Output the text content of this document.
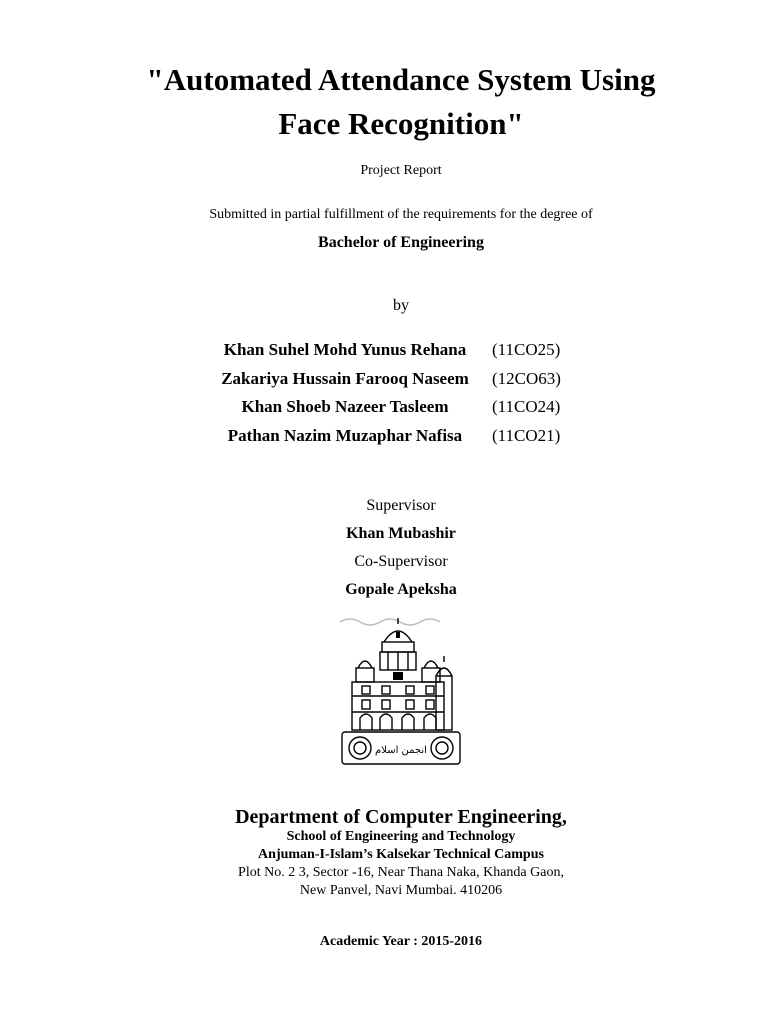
"Automated Attendance System Using
Face Recognition"
Project Report
Submitted in partial fulfillment of the requirements for the degree of
Bachelor of Engineering
by
Khan Suhel Mohd Yunus Rehana	(11CO25)
Zakariya Hussain Farooq Naseem	(12CO63)
Khan Shoeb Nazeer Tasleem	(11CO24)
Pathan Nazim Muzaphar Nafisa	(11CO21)
Supervisor
Khan Mubashir
Co-Supervisor
Gopale Apeksha
انجمن اسلام
Department of Computer Engineering,
School of Engineering and Technology
Anjuman-I-Islam’s Kalsekar Technical Campus
Plot No. 2 3, Sector -16, Near Thana Naka, Khanda Gaon,
New Panvel, Navi Mumbai. 410206
Academic Year : 2015-2016
